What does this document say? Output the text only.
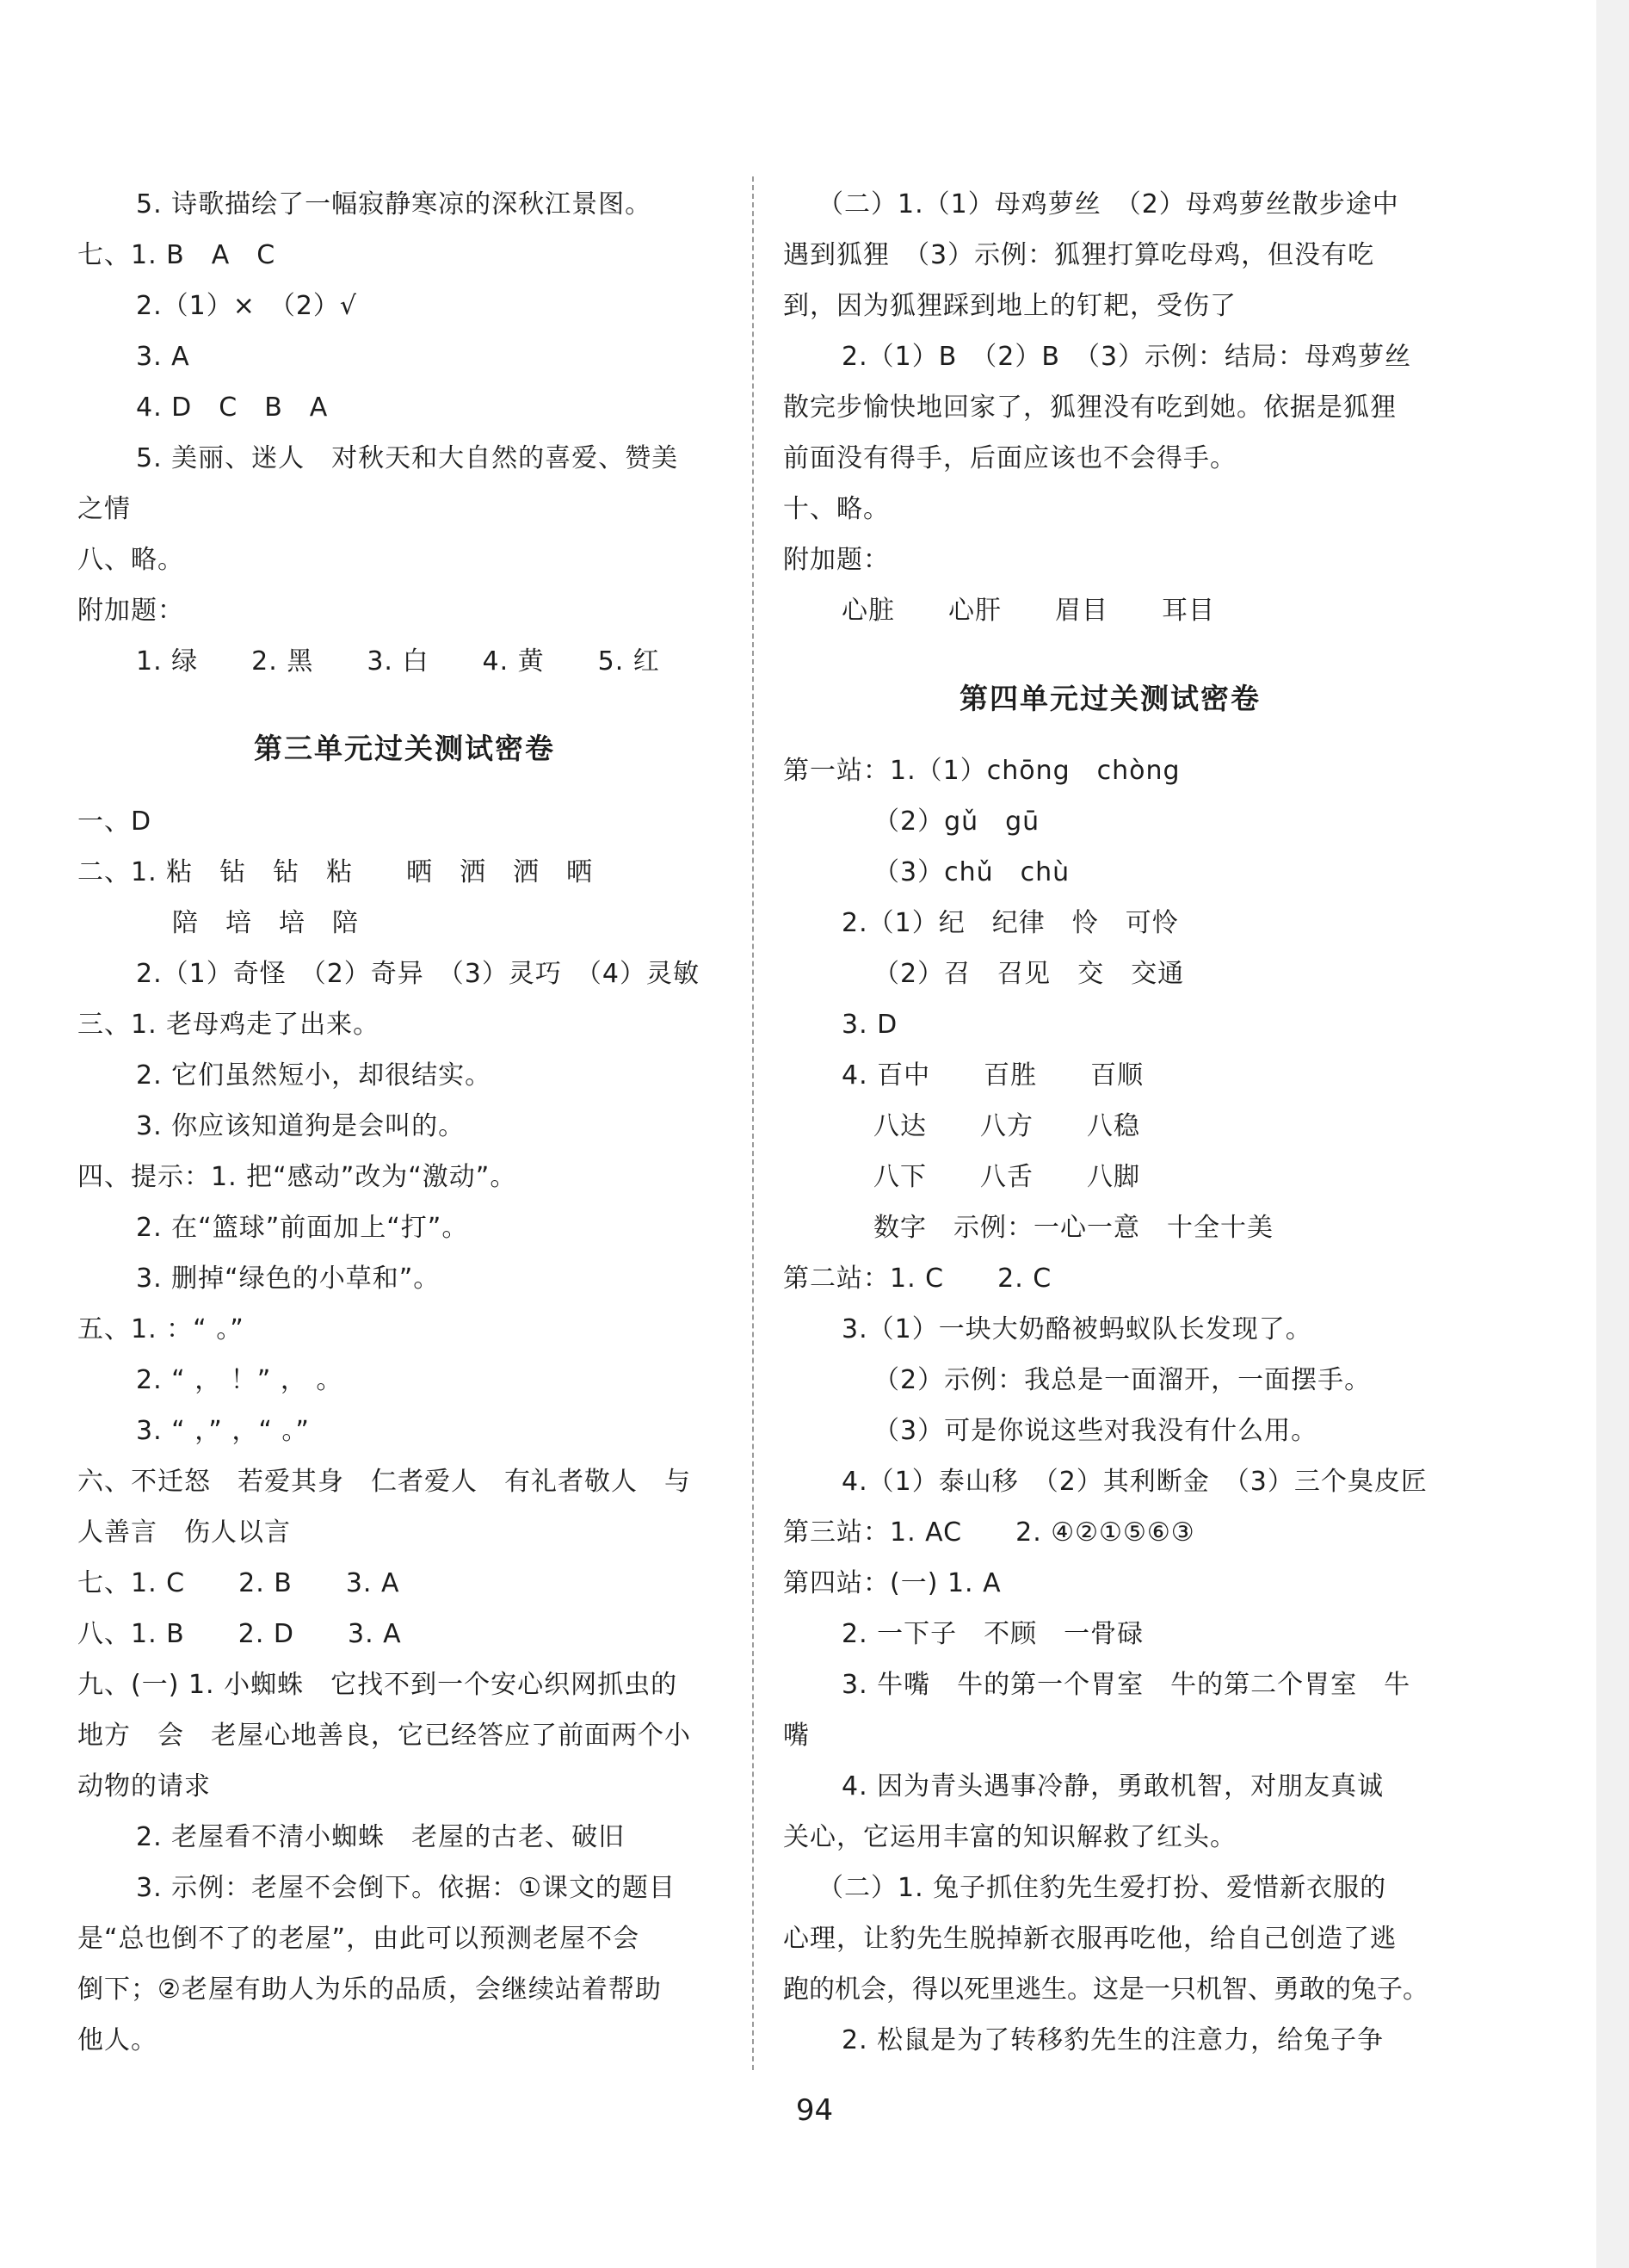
5. 诗歌描绘了一幅寂静寒凉的深秋江景图。
七、1. B　A　C
2.（1）×　（2）√
3. A
4. D　C　B　A
5. 美丽、迷人　对秋天和大自然的喜爱、赞美
之情
八、略。
附加题：
1. 绿　　2. 黑　　3. 白　　4. 黄　　5. 红
第三单元过关测试密卷
一、D
二、1. 粘　钻　钻　粘　　晒　洒　洒　晒
陪　培　培　陪
2.（1）奇怪　（2）奇异　（3）灵巧　（4）灵敏
三、1. 老母鸡走了出来。
2. 它们虽然短小，却很结实。
3. 你应该知道狗是会叫的。
四、提示：1. 把“感动”改为“激动”。
2. 在“篮球”前面加上“打”。
3. 删掉“绿色的小草和”。
五、1. ：“ 。”
2. “ ， ！” ， 。
3. “ ，” ，“ 。”
六、不迁怒　若爱其身　仁者爱人　有礼者敬人　与
人善言　伤人以言
七、1. C　　2. B　　3. A
八、1. B　　2. D　　3. A
九、(一) 1. 小蜘蛛　它找不到一个安心织网抓虫的
地方　会　老屋心地善良，它已经答应了前面两个小
动物的请求
2. 老屋看不清小蜘蛛　老屋的古老、破旧
3. 示例：老屋不会倒下。依据：①课文的题目
是“总也倒不了的老屋”，由此可以预测老屋不会
倒下；②老屋有助人为乐的品质，会继续站着帮助
他人。
（二）1.（1）母鸡萝丝　（2）母鸡萝丝散步途中
遇到狐狸　（3）示例：狐狸打算吃母鸡，但没有吃
到，因为狐狸踩到地上的钉耙，受伤了
2.（1）B　（2）B　（3）示例：结局：母鸡萝丝
散完步愉快地回家了，狐狸没有吃到她。依据是狐狸
前面没有得手，后面应该也不会得手。
十、略。
附加题：
心脏　　心肝　　眉目　　耳目
第四单元过关测试密卷
第一站：1.（1）chōng　chòng
（2）gǔ　gū
（3）chǔ　chù
2.（1）纪　纪律　怜　可怜
（2）召　召见　交　交通
3. D
4. 百中　　百胜　　百顺
八达　　八方　　八稳
八下　　八舌　　八脚
数字　示例：一心一意　十全十美
第二站：1. C　　2. C
3.（1）一块大奶酪被蚂蚁队长发现了。
（2）示例：我总是一面溜开，一面摆手。
（3）可是你说这些对我没有什么用。
4.（1）泰山移　（2）其利断金　（3）三个臭皮匠
第三站：1. AC　　2. ④②①⑤⑥③
第四站：(一) 1. A
2. 一下子　不顾　一骨碌
3. 牛嘴　牛的第一个胃室　牛的第二个胃室　牛
嘴
4. 因为青头遇事冷静，勇敢机智，对朋友真诚
关心，它运用丰富的知识解救了红头。
（二）1. 兔子抓住豹先生爱打扮、爱惜新衣服的
心理，让豹先生脱掉新衣服再吃他，给自己创造了逃
跑的机会，得以死里逃生。这是一只机智、勇敢的兔子。
2. 松鼠是为了转移豹先生的注意力，给兔子争
94
